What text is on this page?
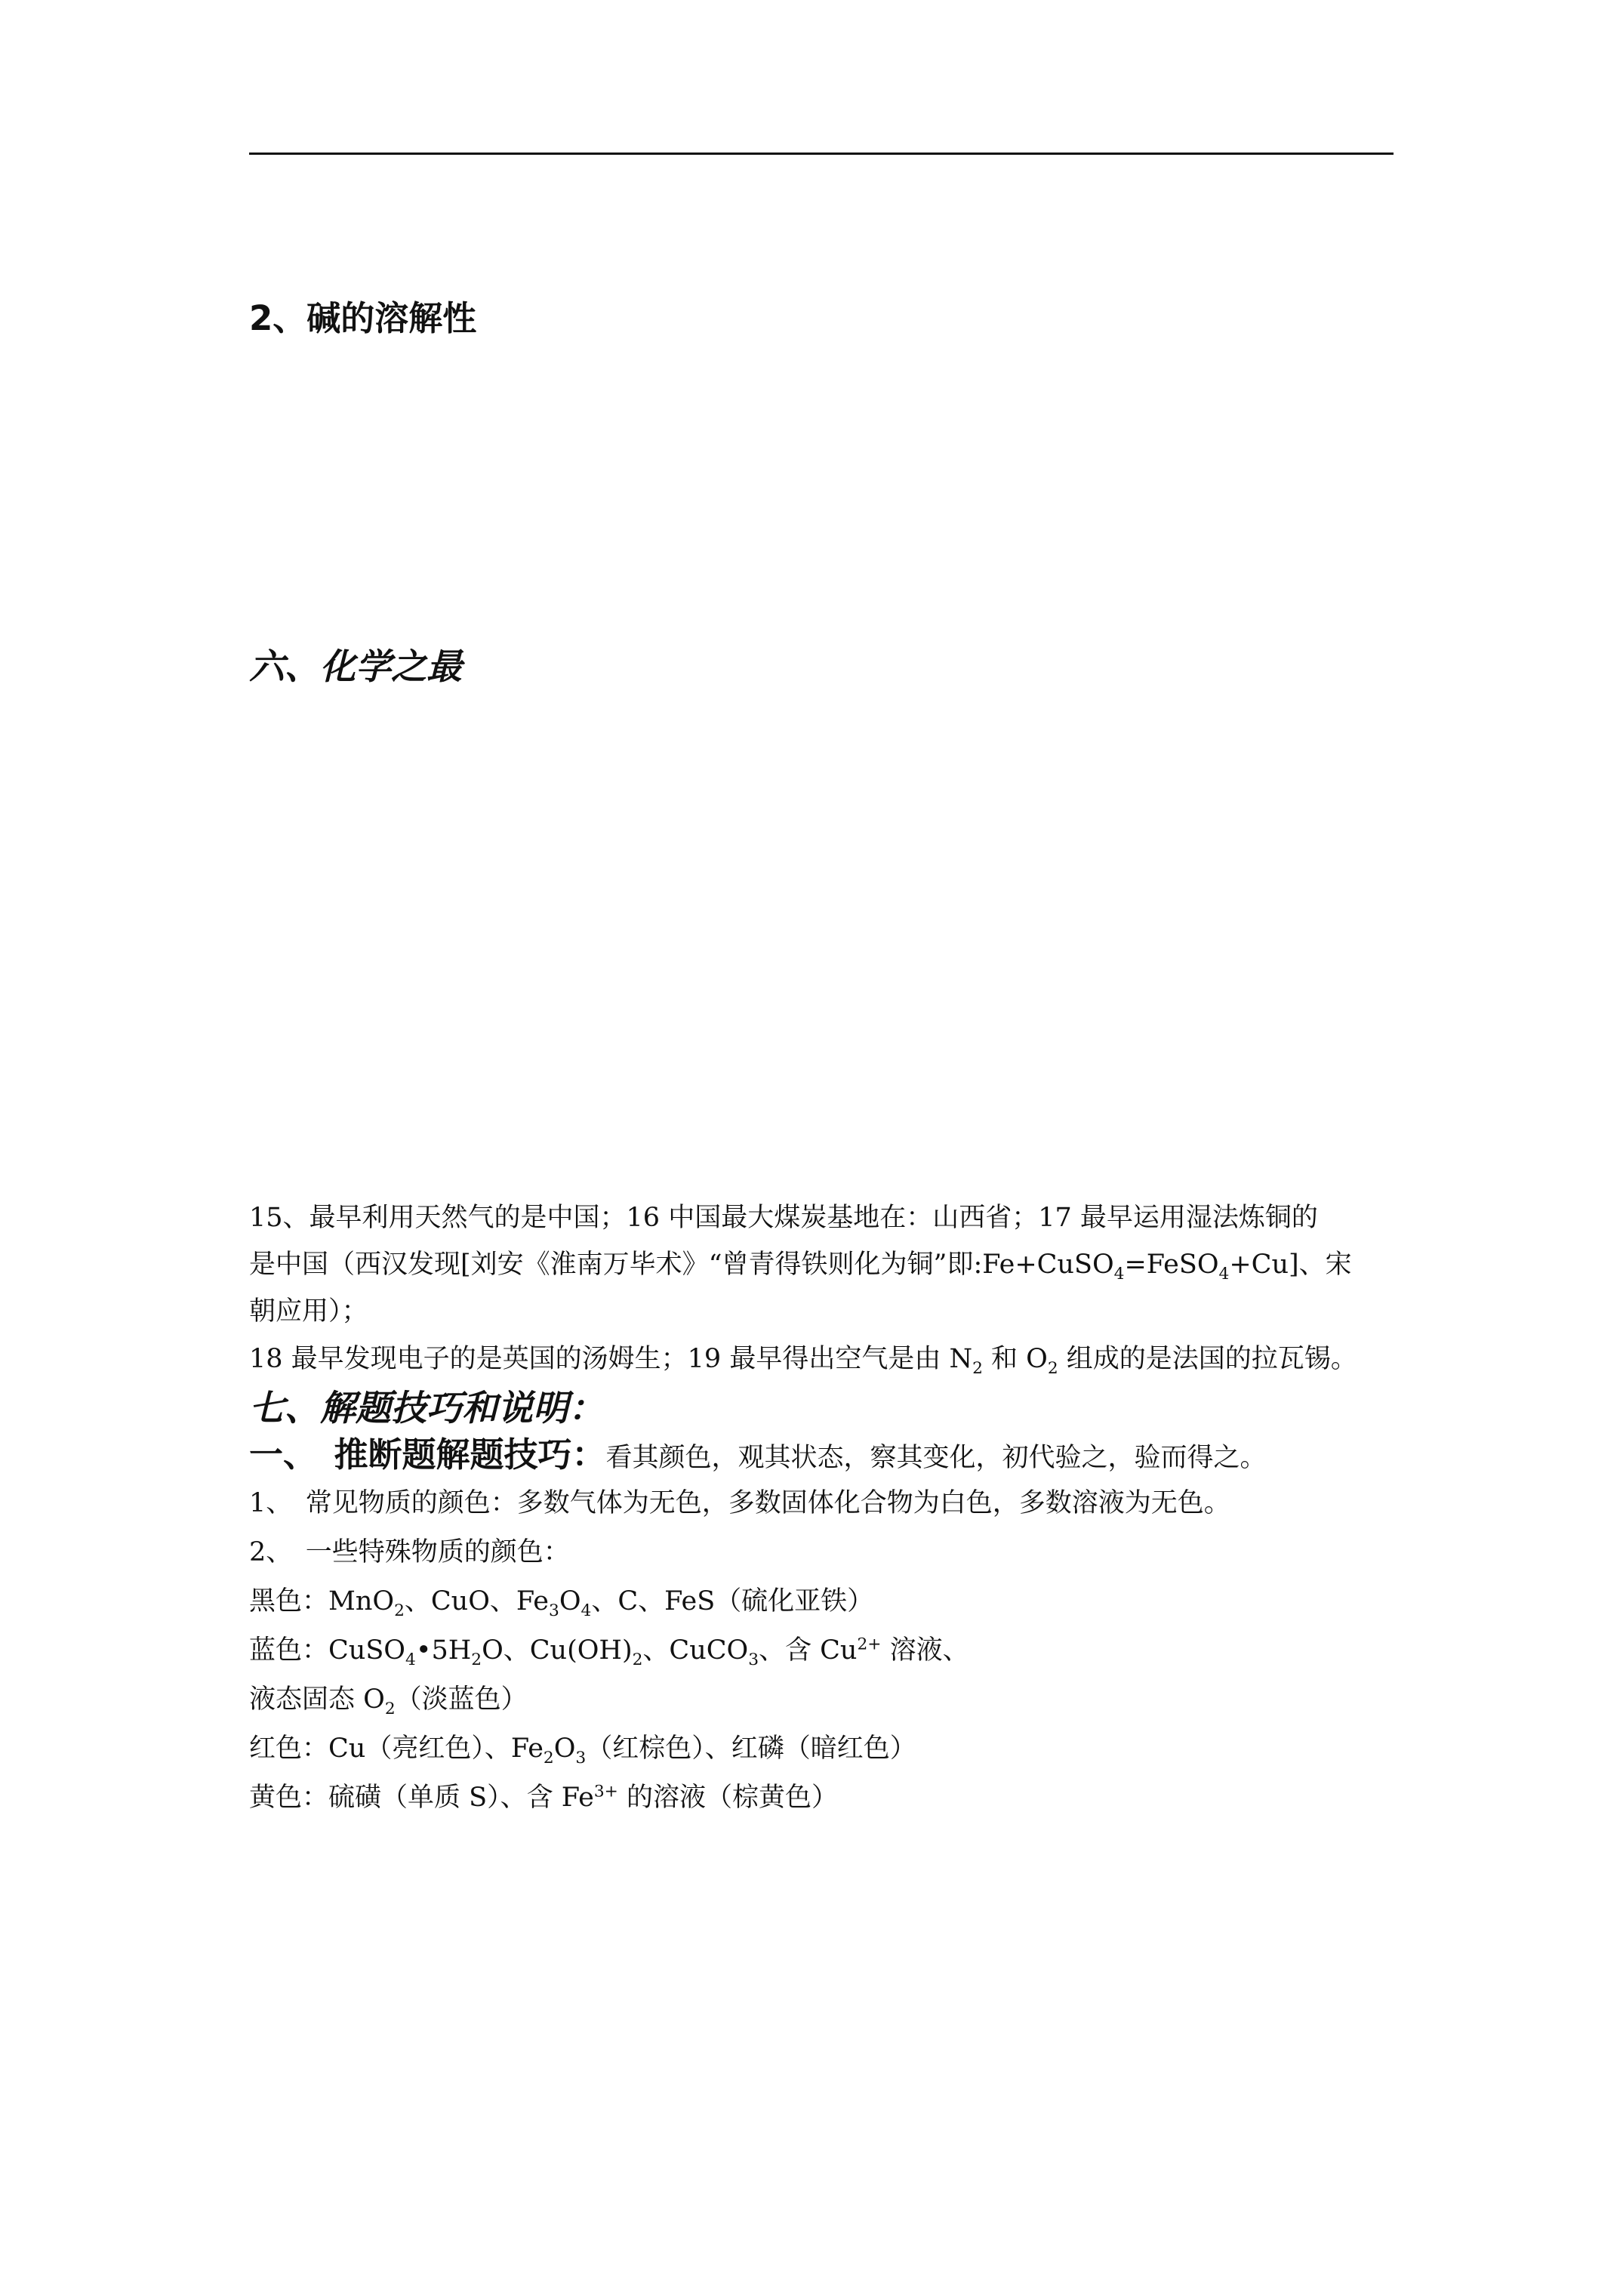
2、碱的溶解性
六、化学之最
15、最早利用天然气的是中国；16 中国最大煤炭基地在：山西省；17 最早运用湿法炼铜的
是中国（西汉发现[刘安《淮南万毕术》“曾青得铁则化为铜”即:Fe+CuSO$_4$=FeSO$_4$+Cu]、宋
朝应用）；
18 最早发现电子的是英国的汤姆生；19 最早得出空气是由 $N_2$ 和 $O_2$ 组成的是法国的拉瓦锡。
七、解题技巧和说明：
一、　推断题解题技巧：看其颜色，观其状态，察其变化，初代验之，验而得之。
1、　常见物质的颜色：多数气体为无色，多数固体化合物为白色，多数溶液为无色。
2、　一些特殊物质的颜色：
黑色：MnO$_2$、CuO、$Fe_3O_4$、C、FeS（硫化亚铁）
蓝色：$CuSO_4•5H_2O$、$Cu(OH)_2$、CuCO$_3$、含 $Cu^{2+}$ 溶液、
液态固态 $O_2$（淡蓝色）
红色：Cu（亮红色）、$Fe_2O_3$（红棕色）、红磷（暗红色）
黄色：硫磺（单质 S）、含 $Fe^{3+}$ 的溶液（棕黄色）
